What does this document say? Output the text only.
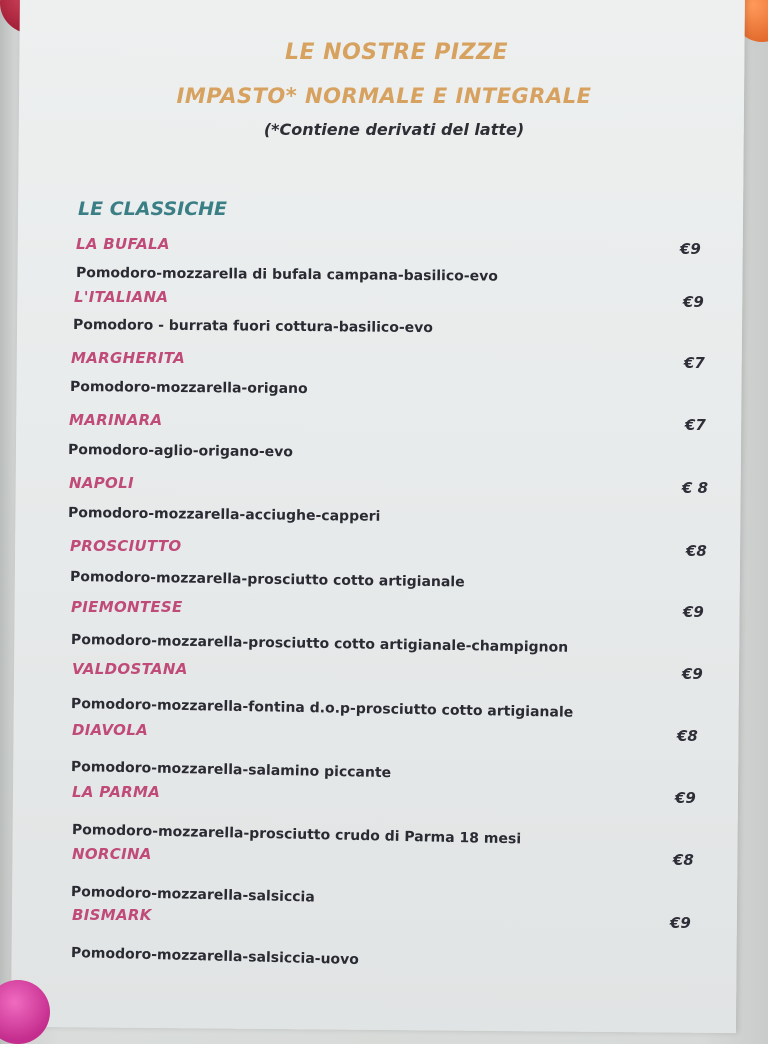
LE NOSTRE PIZZE
IMPASTO* NORMALE E INTEGRALE
(*Contiene derivati del latte)
LE CLASSICHE
LA BUFALA
Pomodoro-mozzarella di bufala campana-basilico-evo
€9
L'ITALIANA
Pomodoro - burrata fuori cottura-basilico-evo
€9
MARGHERITA
Pomodoro-mozzarella-origano
€7
MARINARA
Pomodoro-aglio-origano-evo
€7
NAPOLI
Pomodoro-mozzarella-acciughe-capperi
€ 8
PROSCIUTTO
Pomodoro-mozzarella-prosciutto cotto artigianale
€8
PIEMONTESE
Pomodoro-mozzarella-prosciutto cotto artigianale-champignon
€9
VALDOSTANA
Pomodoro-mozzarella-fontina d.o.p-prosciutto cotto artigianale
€9
DIAVOLA
Pomodoro-mozzarella-salamino piccante
€8
LA PARMA
Pomodoro-mozzarella-prosciutto crudo di Parma 18 mesi
€9
NORCINA
Pomodoro-mozzarella-salsiccia
€8
BISMARK
Pomodoro-mozzarella-salsiccia-uovo
€9
